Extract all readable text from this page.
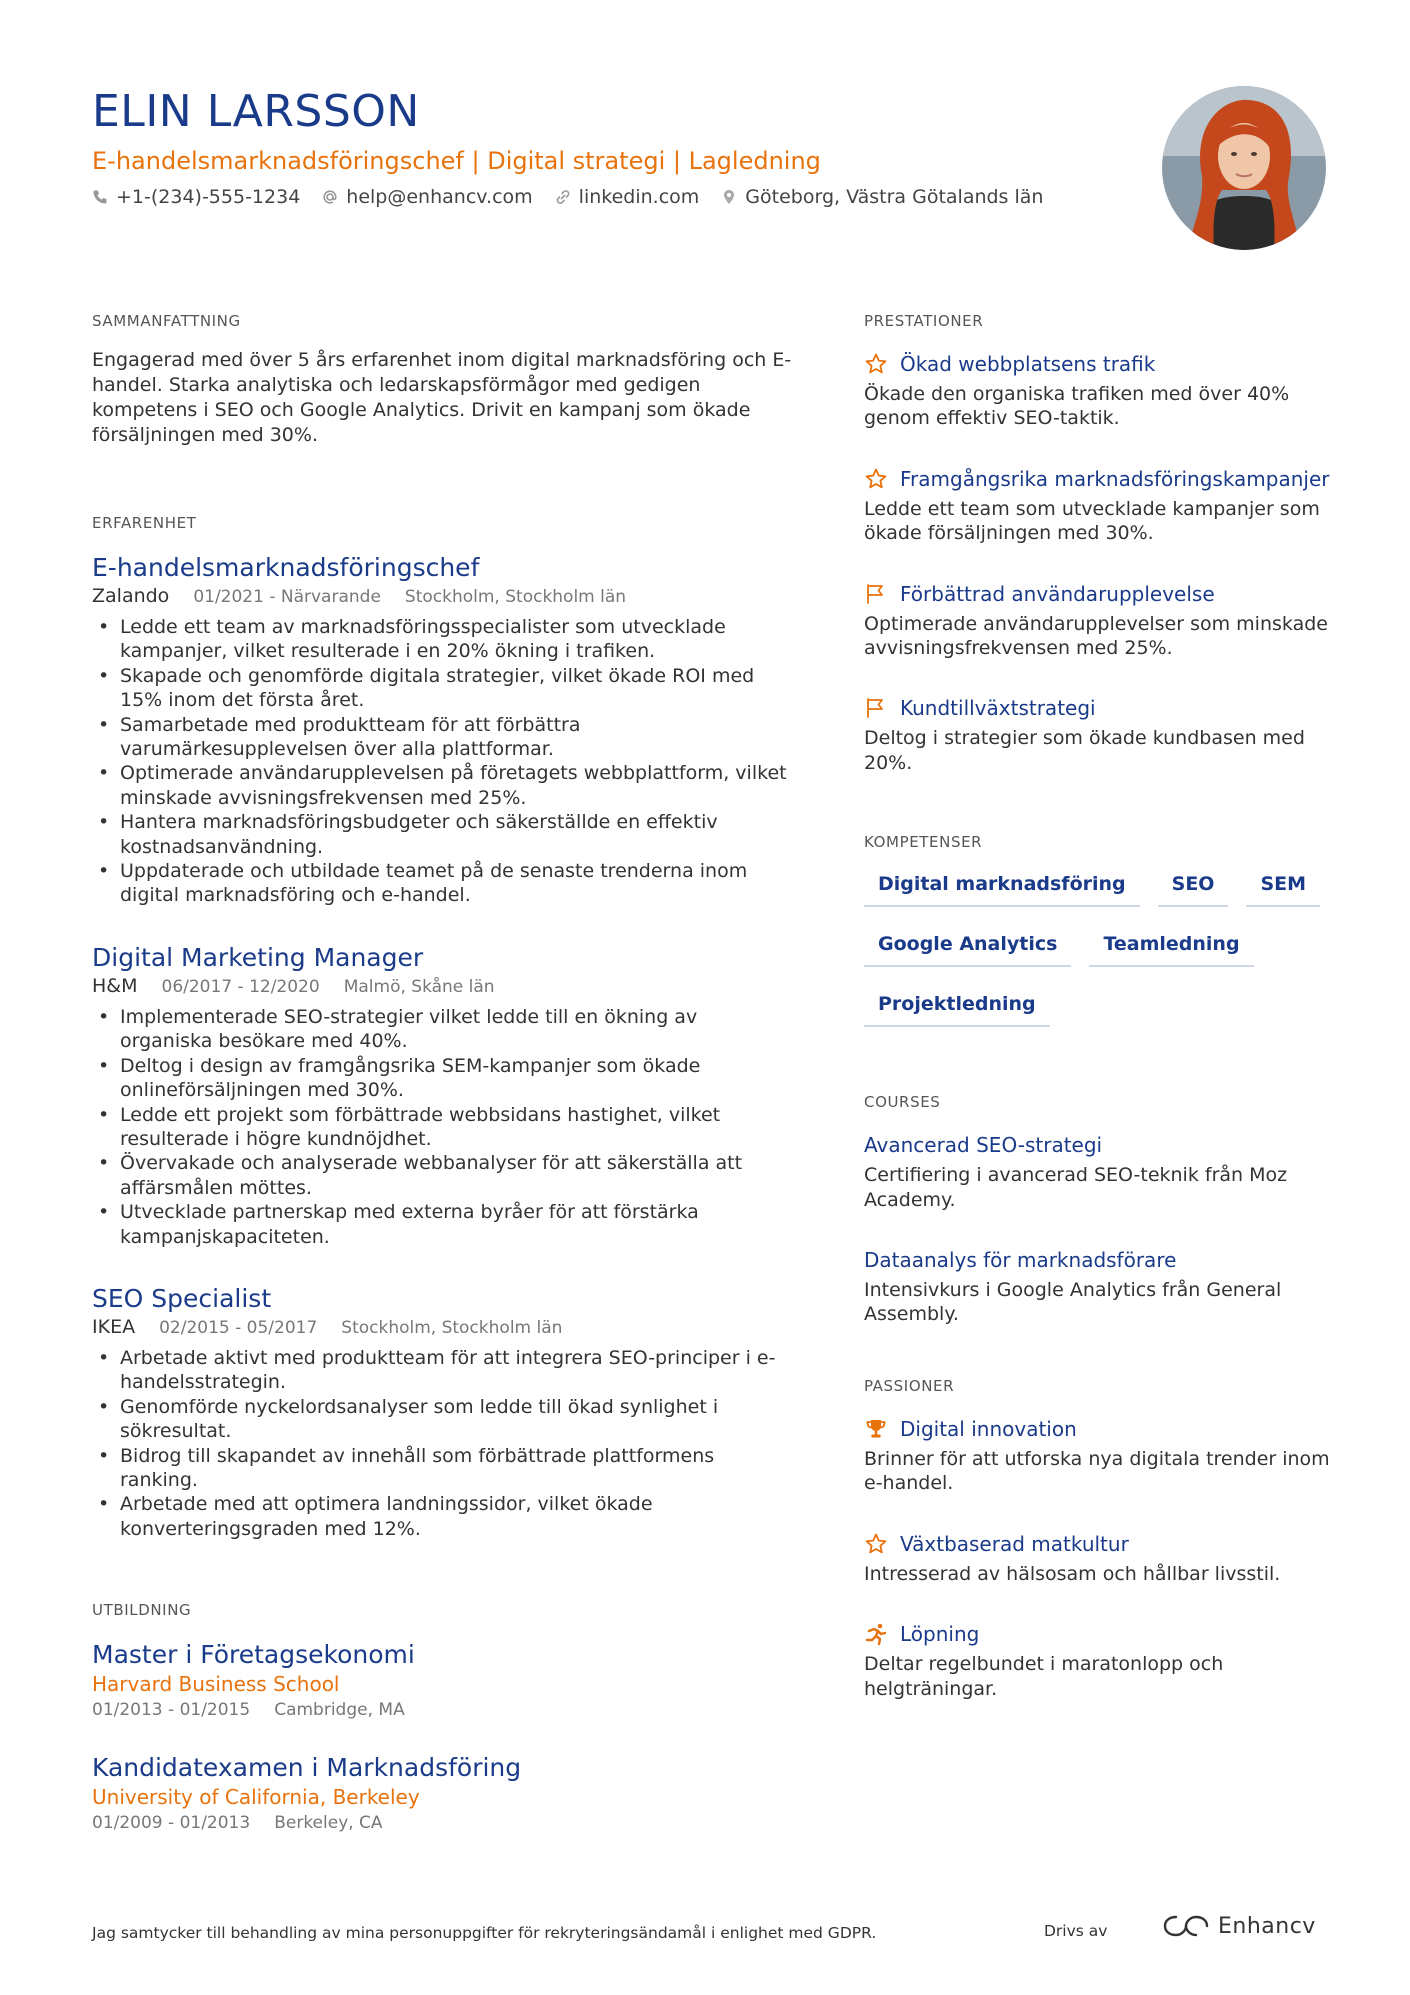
ELIN LARSSON
E-handelsmarknadsföringschef | Digital strategi | Lagledning
+1-(234)-555-1234 help@enhancv.com linkedin.com Göteborg, Västra Götalands län
SAMMANFATTNING

Engagerad med över 5 års erfarenhet inom digital marknadsföring och E-handel. Starka analytiska och ledarskapsförmågor med gedigen kompetens i SEO och Google Analytics. Drivit en kampanj som ökade försäljningen med 30%.

ERFARENHET
E-handelsmarknadsföringschef
Zalando 01/2021 - Närvarande Stockholm, Stockholm län
• Ledde ett team av marknadsföringsspecialister som utvecklade kampanjer, vilket resulterade i en 20% ökning i trafiken.
• Skapade och genomförde digitala strategier, vilket ökade ROI med 15% inom det första året.
• Samarbetade med produktteam för att förbättra varumärkesupplevelsen över alla plattformar.
• Optimerade användarupplevelsen på företagets webbplattform, vilket minskade avvisningsfrekvensen med 25%.
• Hantera marknadsföringsbudgeter och säkerställde en effektiv kostnadsanvändning.
• Uppdaterade och utbildade teamet på de senaste trenderna inom digital marknadsföring och e-handel.
Digital Marketing Manager
H&M 06/2017 - 12/2020 Malmö, Skåne län
• Implementerade SEO-strategier vilket ledde till en ökning av organiska besökare med 40%.
• Deltog i design av framgångsrika SEM-kampanjer som ökade onlineförsäljningen med 30%.
• Ledde ett projekt som förbättrade webbsidans hastighet, vilket resulterade i högre kundnöjdhet.
• Övervakade och analyserade webbanalyser för att säkerställa att affärsmålen möttes.
• Utvecklade partnerskap med externa byråer för att förstärka kampanjskapaciteten.
SEO Specialist
IKEA 02/2015 - 05/2017 Stockholm, Stockholm län
• Arbetade aktivt med produktteam för att integrera SEO-principer i e-handelsstrategin.
• Genomförde nyckelordsanalyser som ledde till ökad synlighet i sökresultat.
• Bidrog till skapandet av innehåll som förbättrade plattformens ranking.
• Arbetade med att optimera landningssidor, vilket ökade konverteringsgraden med 12%.
UTBILDNING
Master i Företagsekonomi
Harvard Business School
01/2013 - 01/2015 Cambridge, MA
Kandidatexamen i Marknadsföring
University of California, Berkeley
01/2009 - 01/2013 Berkeley, CA
PRESTATIONER
Ökad webbplatsens trafik
Ökade den organiska trafiken med över 40% genom effektiv SEO-taktik.
Framgångsrika marknadsföringskampanjer
Ledde ett team som utvecklade kampanjer som ökade försäljningen med 30%.
Förbättrad användarupplevelse
Optimerade användarupplevelser som minskade avvisningsfrekvensen med 25%.
Kundtillväxtstrategi
Deltog i strategier som ökade kundbasen med 20%.
KOMPETENSER
Digital marknadsföring	SEO	SEM
Google Analytics	Teamledning
Projektledning
COURSES
Avancerad SEO-strategi
Certifiering i avancerad SEO-teknik från Moz Academy.
Dataanalys för marknadsförare
Intensivkurs i Google Analytics från General Assembly.
PASSIONER
Digital innovation
Brinner för att utforska nya digitala trender inom e-handel.
Växtbaserad matkultur
Intresserad av hälsosam och hållbar livsstil.
Löpning
Deltar regelbundet i maratonlopp och helgträningar.
Jag samtycker till behandling av mina personuppgifter för rekryteringsändamål i enlighet med GDPR.	Drivs av	Enhancv
